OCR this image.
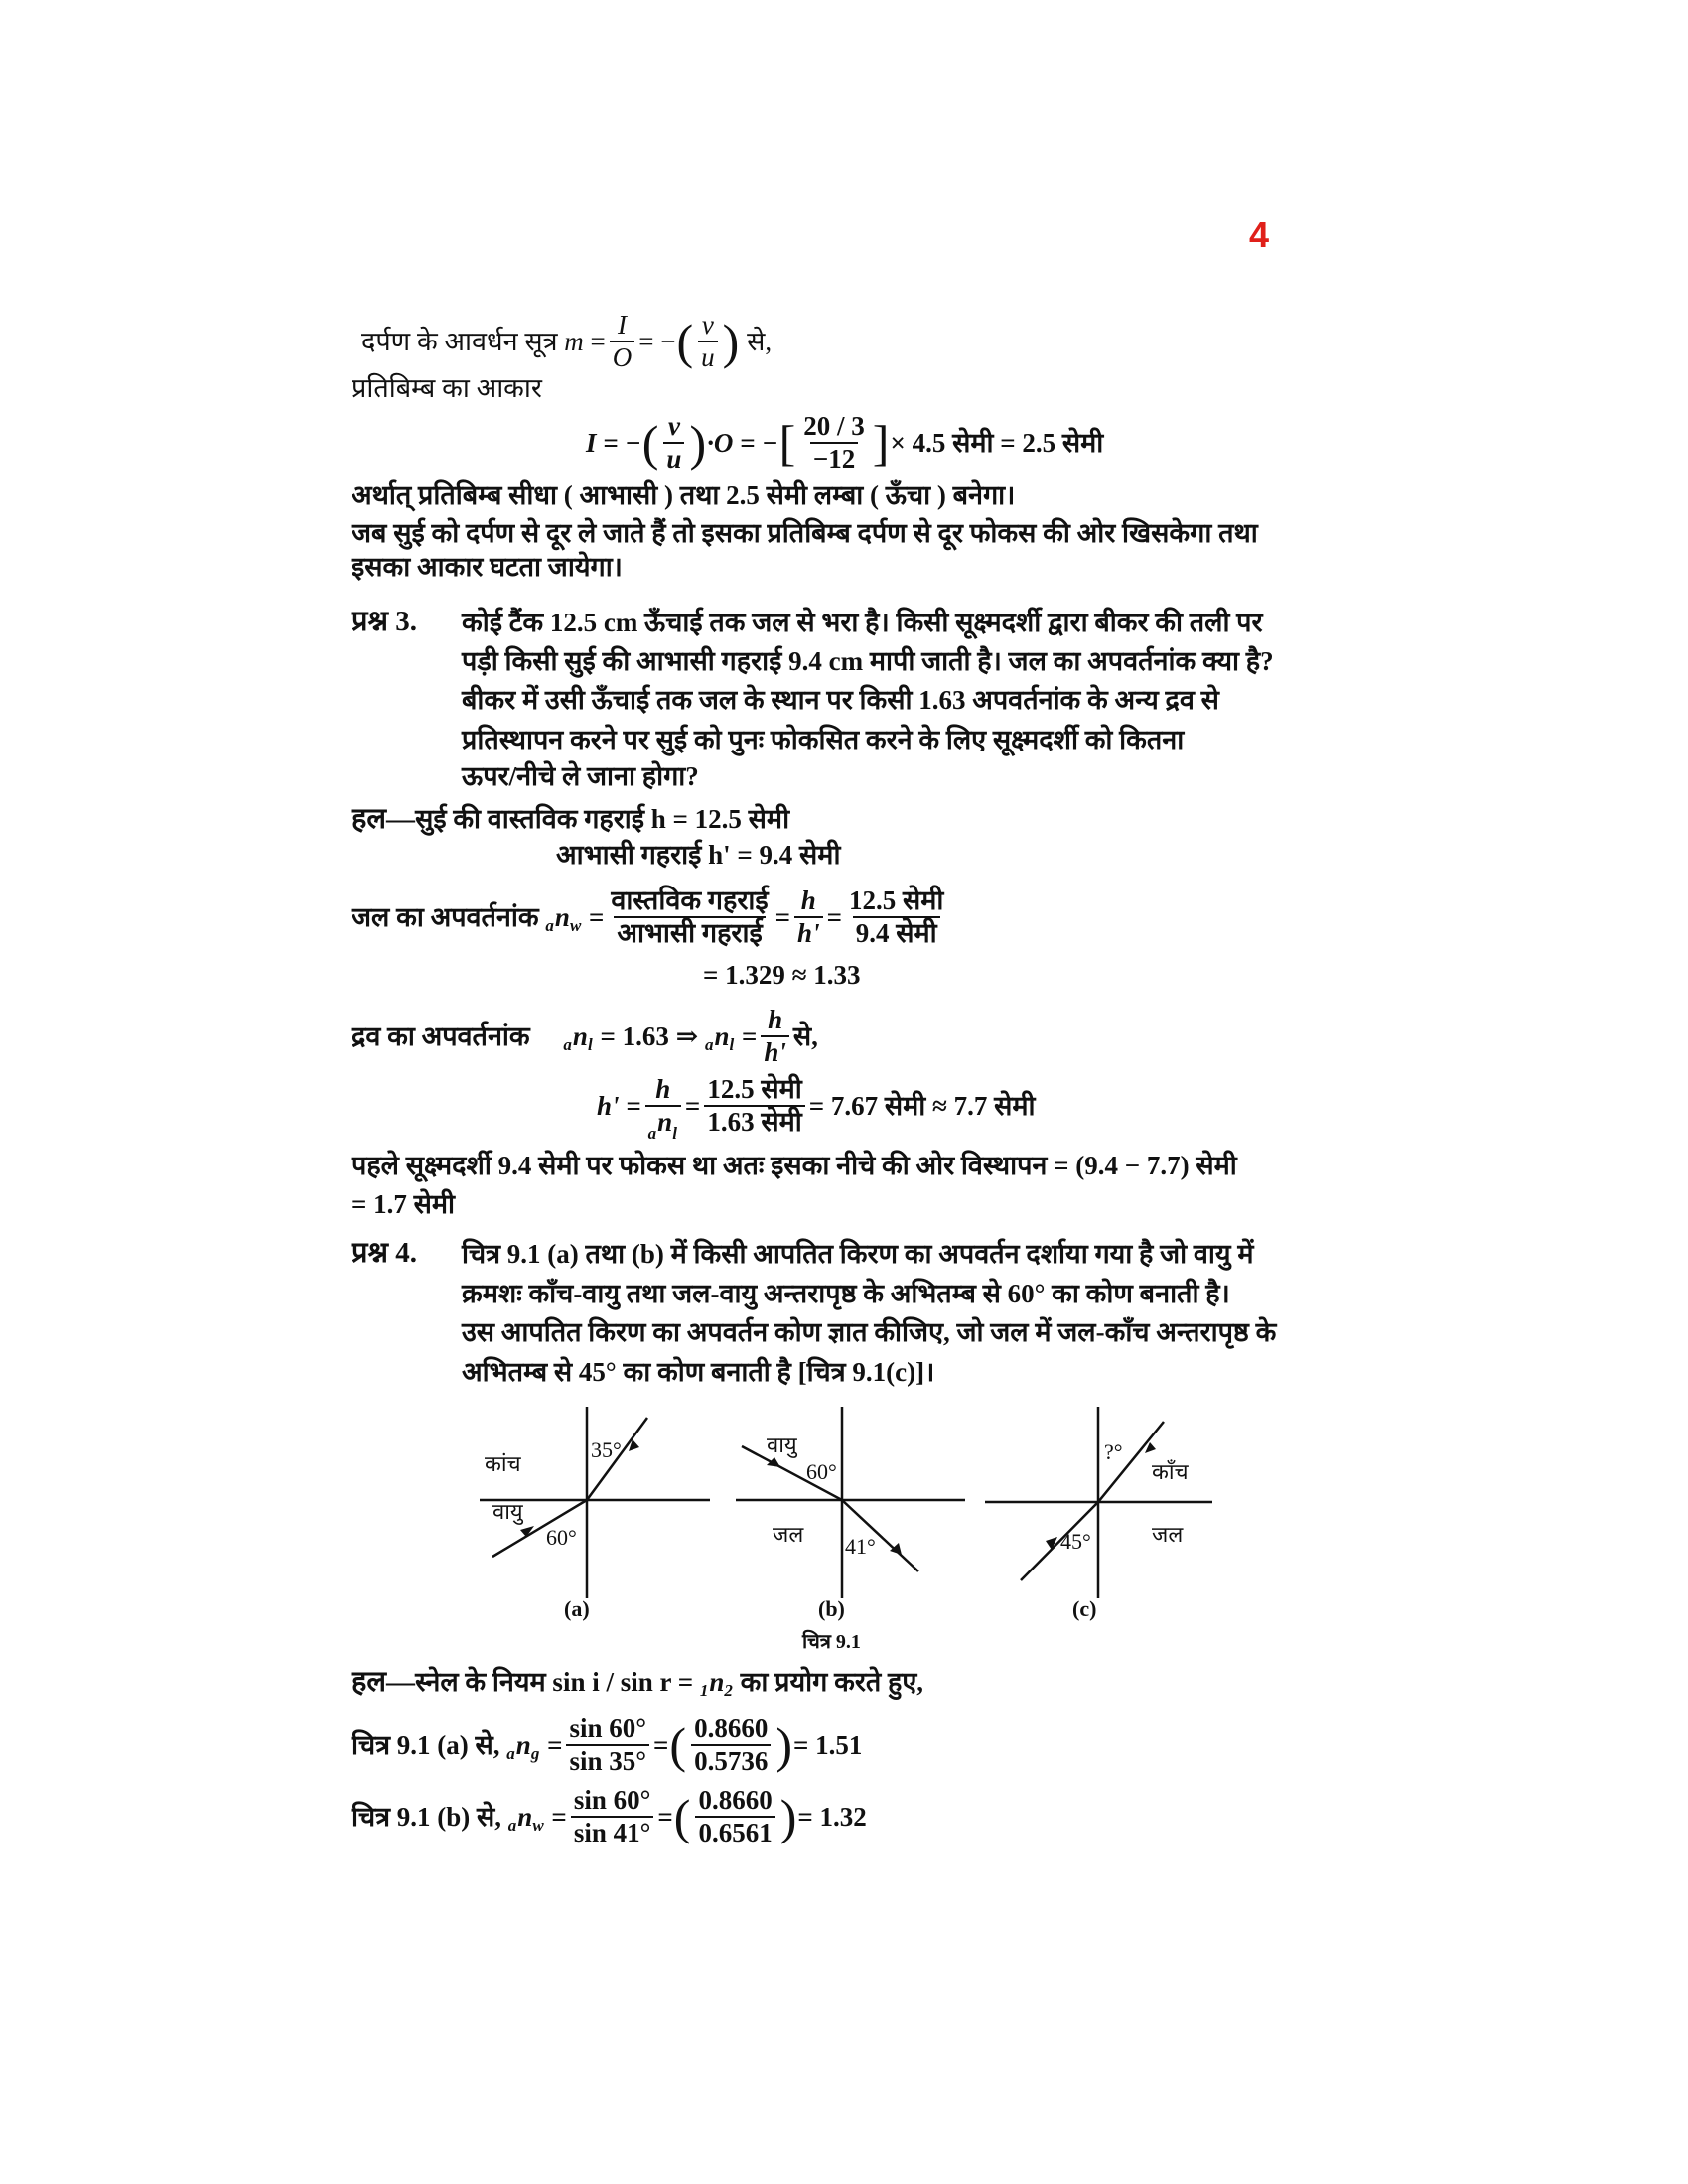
4
दर्पण के आवर्धन सूत्र
m
= $\frac{I}{O}$ = − ( $\frac{v}{u}$ )
से,
प्रतिबिम्ब का आकार
I = − ( $\frac{v}{u}$ ) ·O = − [ $\frac{20 / 3}{-12}$ ] × 4.5 सेमी = 2.5 सेमी
अर्थात् प्रतिबिम्ब सीधा ( आभासी ) तथा 2.5 सेमी लम्बा ( ऊँचा ) बनेगा।
जब सुई को दर्पण से दूर ले जाते हैं तो इसका प्रतिबिम्ब दर्पण से दूर फोकस की ओर खिसकेगा तथा
इसका आकार घटता जायेगा।
प्रश्न 3. कोई टैंक 12.5 cm ऊँचाई तक जल से भरा है। किसी सूक्ष्मदर्शी द्वारा बीकर की तली पर
पड़ी किसी सुई की आभासी गहराई 9.4 cm मापी जाती है। जल का अपवर्तनांक क्या है?
बीकर में उसी ऊँचाई तक जल के स्थान पर किसी 1.63 अपवर्तनांक के अन्य द्रव से
प्रतिस्थापन करने पर सुई को पुनः फोकसित करने के लिए सूक्ष्मदर्शी को कितना
ऊपर/नीचे ले जाना होगा?
हल— सुई की वास्तविक गहराई h = 12.5 सेमी
आभासी गहराई h' = 9.4 सेमी
जल का अपवर्तनांक
a n $w = \frac{\text{वास्तविक गहराई}}{\text{आभासी गहराई}} = \frac{h}{h'} = \frac{\text{12.5 सेमी}}{\text{9.4 सेमी}}$
= 1.329 ≈ 1.33
द्रव का अपवर्तनांक
a n l
= 1.63 ⇒
a n l
= $\frac{h}{h'}$ से,
$h' = \frac{h}{_an_l} = \frac{\text{12.5 सेमी}}{\text{1.63 सेमी}} = 7.67$ सेमी ≈ 7.7 सेमी
पहले सूक्ष्मदर्शी 9.4 सेमी पर फोकस था अतः इसका नीचे की ओर विस्थापन = (9.4 − 7.7) सेमी
= 1.7 सेमी
प्रश्न 4. चित्र 9.1 (a) तथा (b) में किसी आपतित किरण का अपवर्तन दर्शाया गया है जो वायु में
क्रमशः काँच-वायु तथा जल-वायु अन्तरापृष्ठ के अभितम्ब से 60° का कोण बनाती है।
उस आपतित किरण का अपवर्तन कोण ज्ञात कीजिए, जो जल में जल-काँच अन्तरापृष्ठ के
अभितम्ब से 45° का कोण बनाती है [चित्र 9.1(c)]।
कांच
वायु
35°
60°
वायु
जल
60°
41°
काँच
जल
?°
45°
(a)	(b)	(c)
चित्र 9.1
हल— स्नेल के नियम sin i / sin r =
1 n 2
का प्रयोग करते हुए,
चित्र 9.1 (a) से,
a n g
= $\frac{\sin 60^\circ}{\sin 35^\circ}$ = ( $\frac{0.8660}{0.5736}$ ) = 1.51
चित्र 9.1 (b) से,
a n w
= $\frac{\sin 60^\circ}{\sin 41^\circ}$ = ( $\frac{0.8660}{0.6561}$ ) = 1.32
